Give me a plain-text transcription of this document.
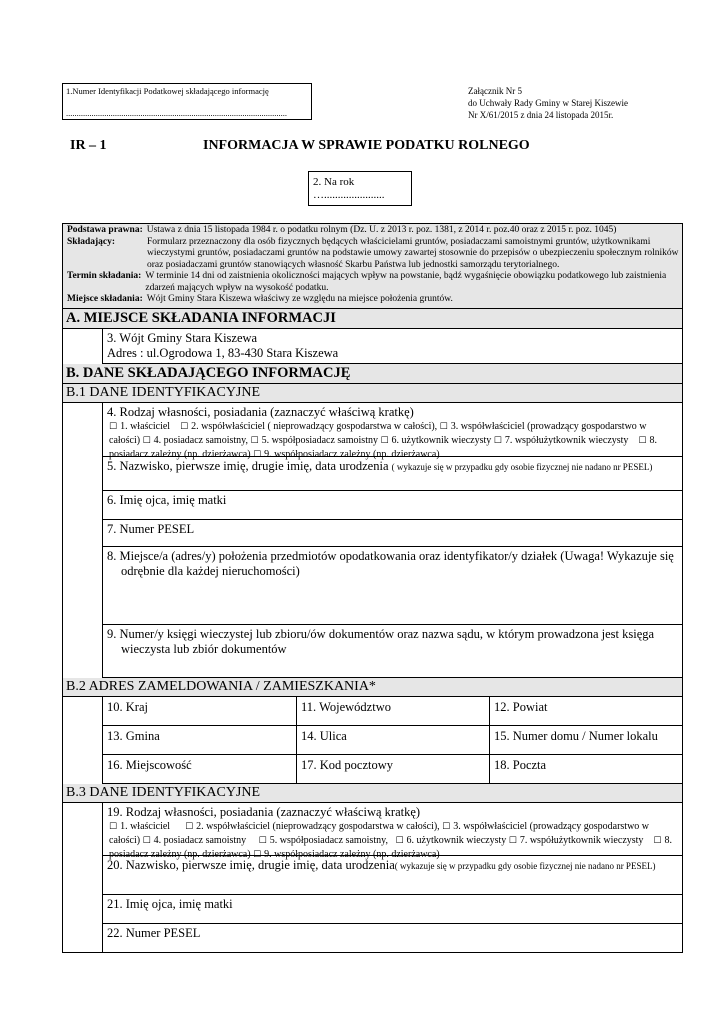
1.Numer Identyfikacji Podatkowej składającego informację
........................................................................................................
Załącznik Nr 5
do Uchwały Rady Gminy w Starej Kiszewie
Nr X/61/2015 z dnia 24 listopada 2015r.
IR – 1	INFORMACJA W SPRAWIE PODATKU ROLNEGO
2. Na rok
…......................
Podstawa prawna: Ustawa z dnia 15 listopada 1984 r. o podatku rolnym (Dz. U. z 2013 r. poz. 1381, z 2014 r. poz.40 oraz z 2015 r. poz. 1045)
Składający:	Formularz przeznaczony dla osób fizycznych będących właścicielami gruntów, posiadaczami samoistnymi gruntów, użytkownikami wieczystymi gruntów, posiadaczami gruntów na podstawie umowy zawartej stosownie do przepisów o ubezpieczeniu społecznym rolników oraz posiadaczami gruntów stanowiących własność Skarbu Państwa lub jednostki samorządu terytorialnego.
Termin składania: W terminie 14 dni od zaistnienia okoliczności mających wpływ na powstanie, bądź wygaśnięcie obowiązku podatkowego lub zaistnienia zdarzeń mających wpływ na wysokość podatku.
Miejsce składania: Wójt Gminy Stara Kiszewa właściwy ze względu na miejsce położenia gruntów.
A. MIEJSCE SKŁADANIA INFORMACJI
3. Wójt Gminy Stara Kiszewa
Adres : ul.Ogrodowa 1, 83-430 Stara Kiszewa
B. DANE SKŁADAJĄCEGO INFORMACJĘ
B.1 DANE IDENTYFIKACYJNE
4. Rodzaj własności, posiadania (zaznaczyć właściwą kratkę)
☐ 1. właściciel ☐ 2. współwłaściciel ( nieprowadzący gospodarstwa w całości), ☐ 3. współwłaściciel (prowadzący gospodarstwo w całości) ☐ 4. posiadacz samoistny, ☐ 5. współposiadacz samoistny ☐ 6. użytkownik wieczysty ☐ 7. współużytkownik wieczysty ☐ 8. posiadacz zależny (np. dzierżawca) ☐ 9. współposiadacz zależny (np. dzierżawca)
5. Nazwisko, pierwsze imię, drugie imię, data urodzenia ( wykazuje się w przypadku gdy osobie fizycznej nie nadano nr PESEL)
6. Imię ojca, imię matki
7. Numer PESEL
8. Miejsce/a (adres/y) położenia przedmiotów opodatkowania oraz identyfikator/y działek (Uwaga! Wykazuje się odrębnie dla każdej nieruchomości)
9. Numer/y księgi wieczystej lub zbioru/ów dokumentów oraz nazwa sądu, w którym prowadzona jest księga wieczysta lub zbiór dokumentów
B.2 ADRES ZAMELDOWANIA / ZAMIESZKANIA*
10. Kraj	11. Województwo	12. Powiat
13. Gmina	14. Ulica	15. Numer domu / Numer lokalu
16. Miejscowość	17. Kod pocztowy	18. Poczta
B.3 DANE IDENTYFIKACYJNE
19. Rodzaj własności, posiadania (zaznaczyć właściwą kratkę)
☐ 1. właściciel ☐ 2. współwłaściciel (nieprowadzący gospodarstwa w całości), ☐ 3. współwłaściciel (prowadzący gospodarstwo w całości) ☐ 4. posiadacz samoistny ☐ 5. współposiadacz samoistny, ☐ 6. użytkownik wieczysty ☐ 7. współużytkownik wieczysty ☐ 8. posiadacz zależny (np. dzierżawca) ☐ 9. współposiadacz zależny (np. dzierżawca)
20. Nazwisko, pierwsze imię, drugie imię, data urodzenia( wykazuje się w przypadku gdy osobie fizycznej nie nadano nr PESEL)
21. Imię ojca, imię matki
22. Numer PESEL
